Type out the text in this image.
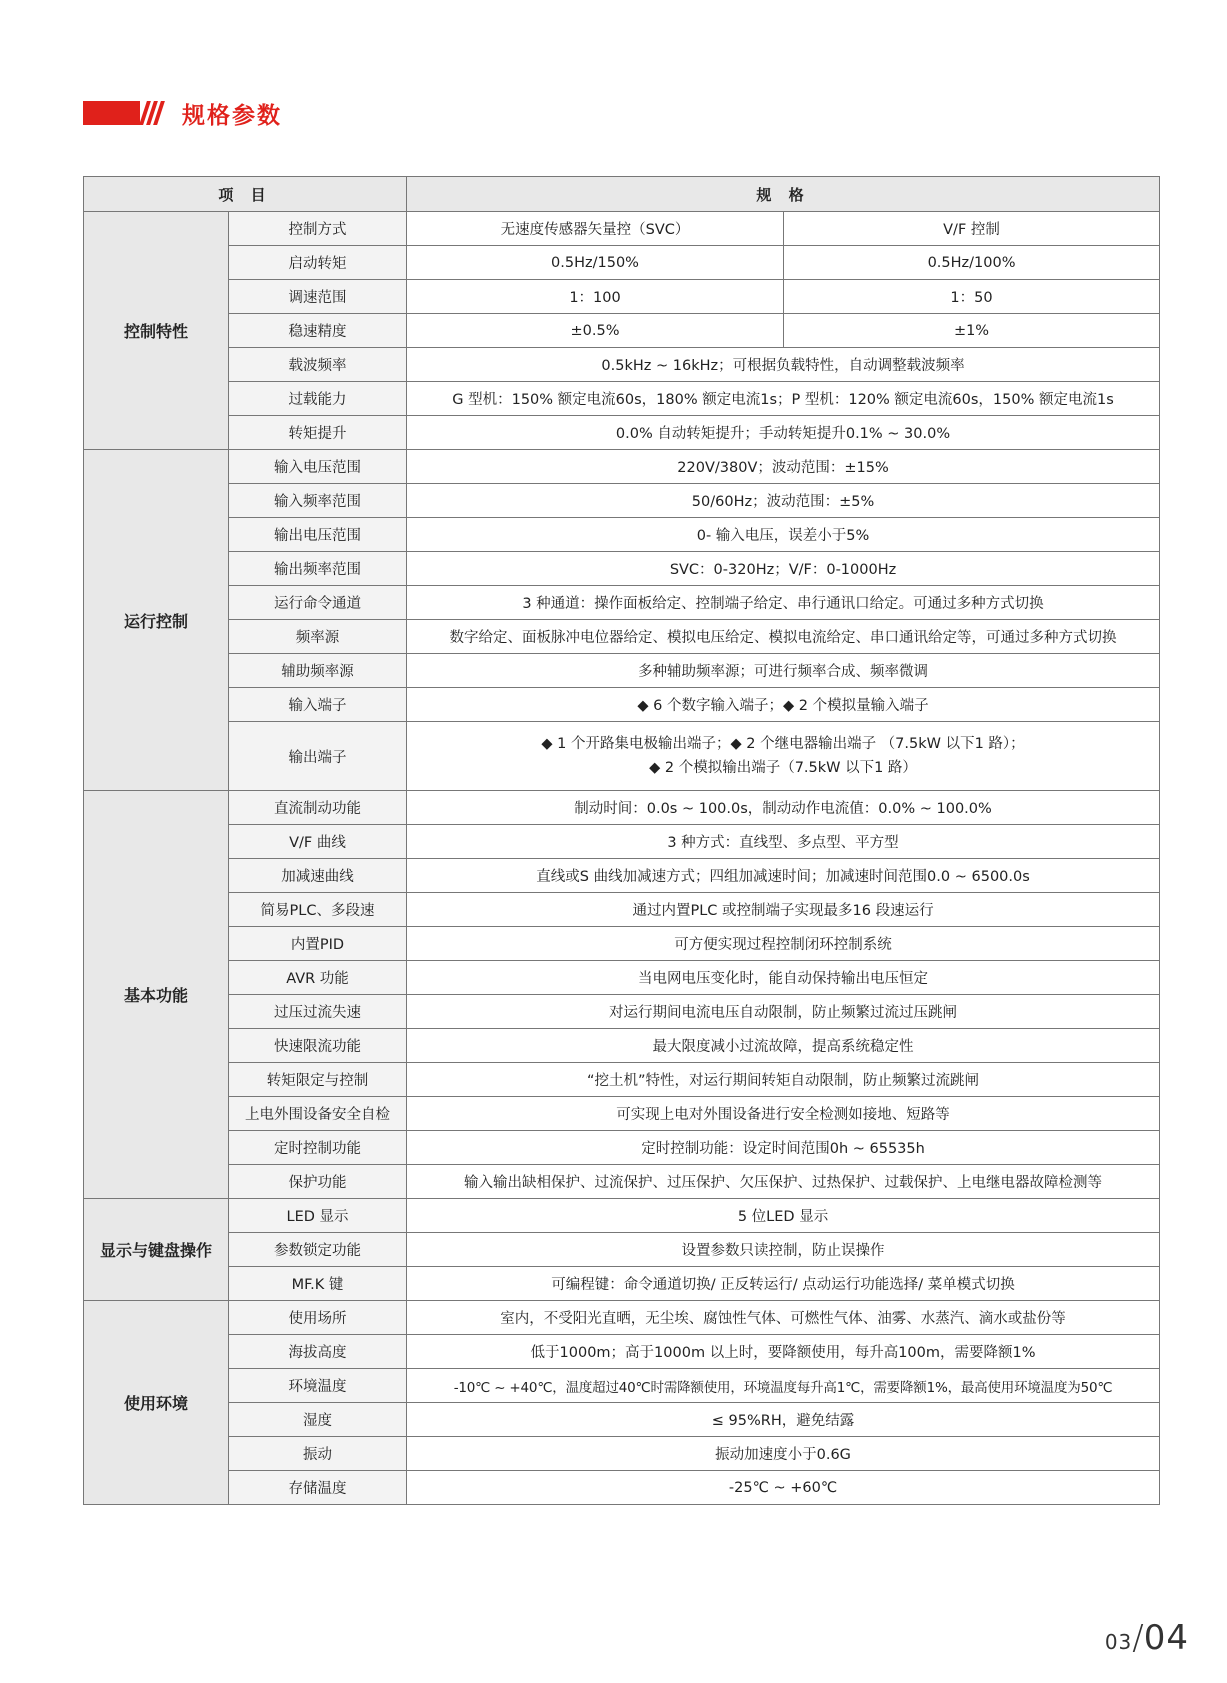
规格参数
项 目		规 格	
控制特性	控制方式	无速度传感器矢量控（SVC）	V/F 控制
	启动转矩	0.5Hz/150%	0.5Hz/100%
	调速范围	1：100	1：50
	稳速精度	±0.5%	±1%
	载波频率	0.5kHz ~ 16kHz；可根据负载特性，自动调整载波频率	
	过载能力	G 型机：150% 额定电流60s，180% 额定电流1s；P 型机：120% 额定电流60s，150% 额定电流1s	
	转矩提升	0.0% 自动转矩提升；手动转矩提升0.1% ~ 30.0%	
运行控制	输入电压范围	220V/380V；波动范围：±15%	
	输入频率范围	50/60Hz；波动范围：±5%	
	输出电压范围	0- 输入电压，误差小于5%	
	输出频率范围	SVC：0-320Hz；V/F：0-1000Hz	
	运行命令通道	3 种通道：操作面板给定、控制端子给定、串行通讯口给定。可通过多种方式切换	
	频率源	数字给定、面板脉冲电位器给定、模拟电压给定、模拟电流给定、串口通讯给定等，可通过多种方式切换	
	辅助频率源	多种辅助频率源；可进行频率合成、频率微调	
	输入端子	◆ 6 个数字输入端子；◆ 2 个模拟量输入端子	
	输出端子	◆ 1 个开路集电极输出端子；◆ 2 个继电器输出端子 （7.5kW 以下1 路）；
◆ 2 个模拟输出端子（7.5kW 以下1 路）	

基本功能	直流制动功能	制动时间：0.0s ~ 100.0s，制动动作电流值：0.0% ~ 100.0%	
	V/F 曲线	3 种方式：直线型、多点型、平方型	
	加减速曲线	直线或S 曲线加减速方式；四组加减速时间；加减速时间范围0.0 ~ 6500.0s	
	简易PLC、多段速	通过内置PLC 或控制端子实现最多16 段速运行	
	内置PID	可方便实现过程控制闭环控制系统	
	AVR 功能	当电网电压变化时，能自动保持输出电压恒定	
	过压过流失速	对运行期间电流电压自动限制，防止频繁过流过压跳闸	
	快速限流功能	最大限度减小过流故障，提高系统稳定性	
	转矩限定与控制	“挖土机”特性，对运行期间转矩自动限制，防止频繁过流跳闸	
	上电外围设备安全自检	可实现上电对外围设备进行安全检测如接地、短路等	
	定时控制功能	定时控制功能：设定时间范围0h ~ 65535h	
	保护功能	输入输出缺相保护、过流保护、过压保护、欠压保护、过热保护、过载保护、上电继电器故障检测等	
显示与键盘操作	LED 显示	5 位LED 显示	
	参数锁定功能	设置参数只读控制，防止误操作	
	MF.K 键	可编程键：命令通道切换/ 正反转运行/ 点动运行功能选择/ 菜单模式切换	
使用环境	使用场所	室内，不受阳光直晒，无尘埃、腐蚀性气体、可燃性气体、油雾、水蒸汽、滴水或盐份等	
	海拔高度	低于1000m；高于1000m 以上时，要降额使用，每升高100m，需要降额1%	
	环境温度	-10℃ ~ +40℃，温度超过40℃时需降额使用，环境温度每升高1℃，需要降额1%，最高使用环境温度为50℃	
	湿度	≤ 95%RH，避免结露	
	振动	振动加速度小于0.6G	
	存储温度	-25℃ ~ +60℃	
03/04
